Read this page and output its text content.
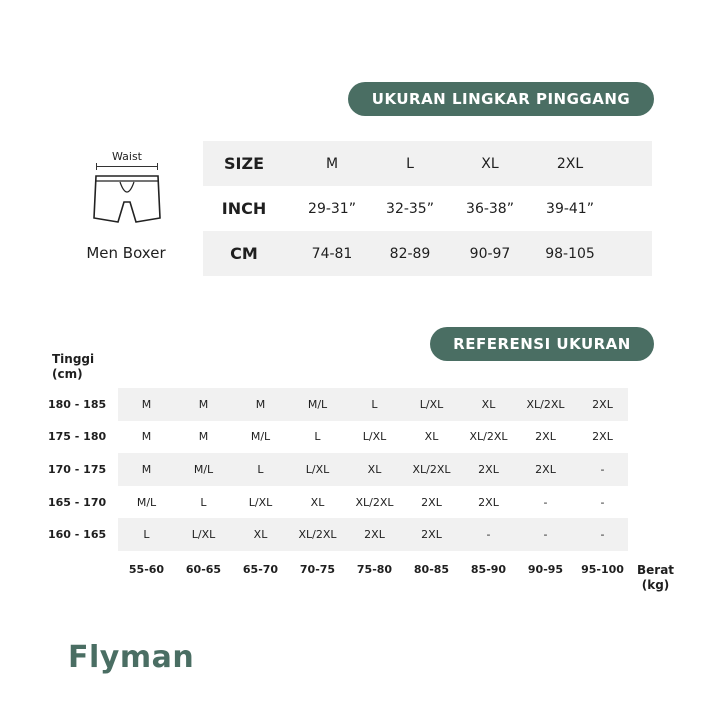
UKURAN LINGKAR PINGGANG
Waist
Men Boxer
SIZE	M	L	XL	2XL
INCH	29-31”	32-35”	36-38”	39-41”
CM	74-81	82-89	90-97	98-105
REFERENSI UKURAN
Tinggi
(cm)
180 - 185	M	M	M	M/L	L	L/XL	XL	XL/2XL	2XL
175 - 180	M	M	M/L	L	L/XL	XL	XL/2XL	2XL	2XL
170 - 175	M	M/L	L	L/XL	XL	XL/2XL	2XL	2XL	-
165 - 170	M/L	L	L/XL	XL	XL/2XL	2XL	2XL	-	-
160 - 165	L	L/XL	XL	XL/2XL	2XL	2XL	-	-	-
55-60	60-65	65-70	70-75	75-80	80-85	85-90	90-95	95-100	Berat
(kg)
Flyman
